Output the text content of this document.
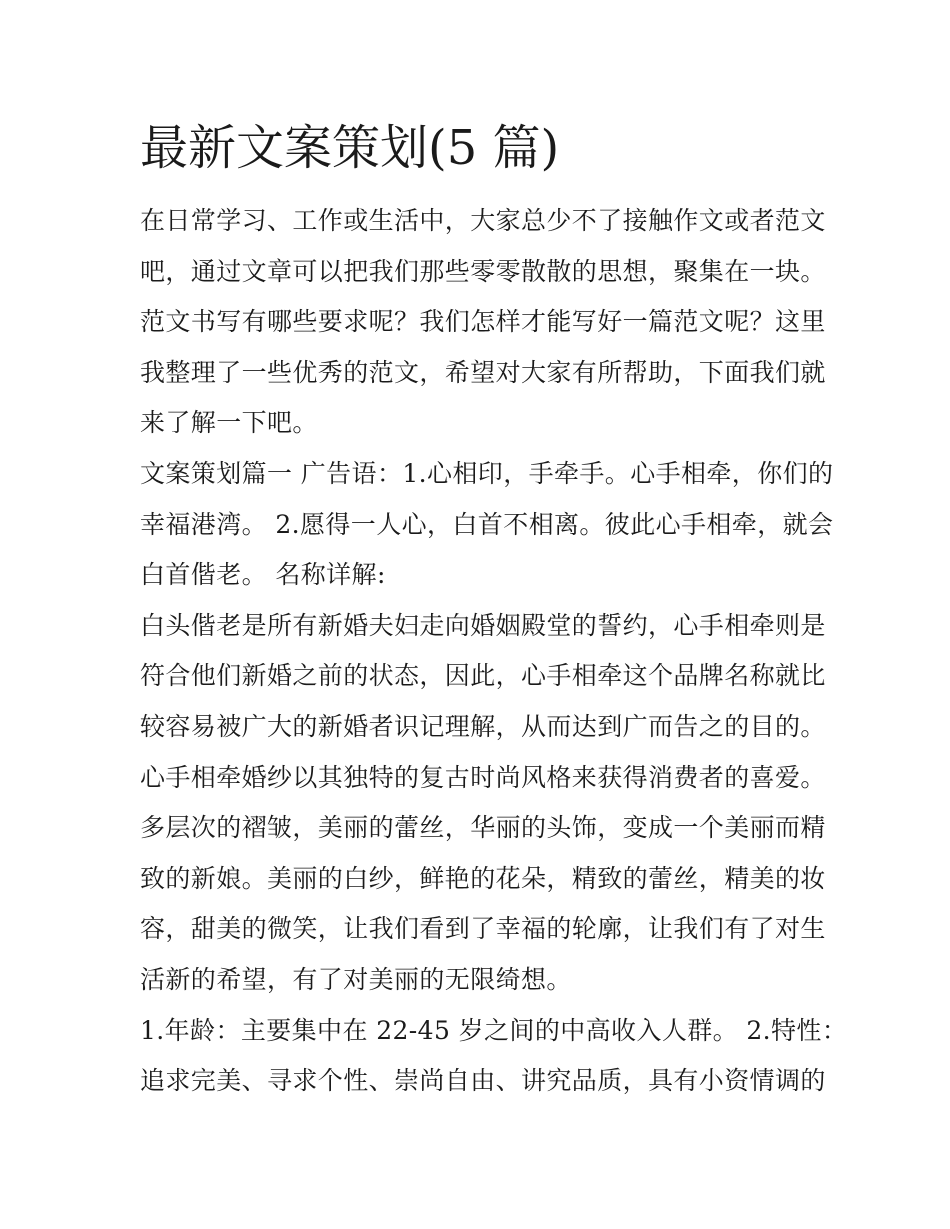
最新文案策划(5 篇)
在日常学习、工作或生活中，大家总少不了接触作文或者范文
吧，通过文章可以把我们那些零零散散的思想，聚集在一块。
范文书写有哪些要求呢？我们怎样才能写好一篇范文呢？这里
我整理了一些优秀的范文，希望对大家有所帮助，下面我们就
来了解一下吧。
文案策划篇一 广告语：1.心相印，手牵手。心手相牵，你们的
幸福港湾。 2.愿得一人心，白首不相离。彼此心手相牵，就会
白首偕老。 名称详解:
白头偕老是所有新婚夫妇走向婚姻殿堂的誓约，心手相牵则是
符合他们新婚之前的状态，因此，心手相牵这个品牌名称就比
较容易被广大的新婚者识记理解，从而达到广而告之的目的。
心手相牵婚纱以其独特的复古时尚风格来获得消费者的喜爱。
多层次的褶皱，美丽的蕾丝，华丽的头饰，变成一个美丽而精
致的新娘。美丽的白纱，鲜艳的花朵，精致的蕾丝，精美的妆
容，甜美的微笑，让我们看到了幸福的轮廓，让我们有了对生
活新的希望，有了对美丽的无限绮想。
1.年龄：主要集中在 22-45 岁之间的中高收入人群。 2.特性：
追求完美、寻求个性、崇尚自由、讲究品质，具有小资情调的
